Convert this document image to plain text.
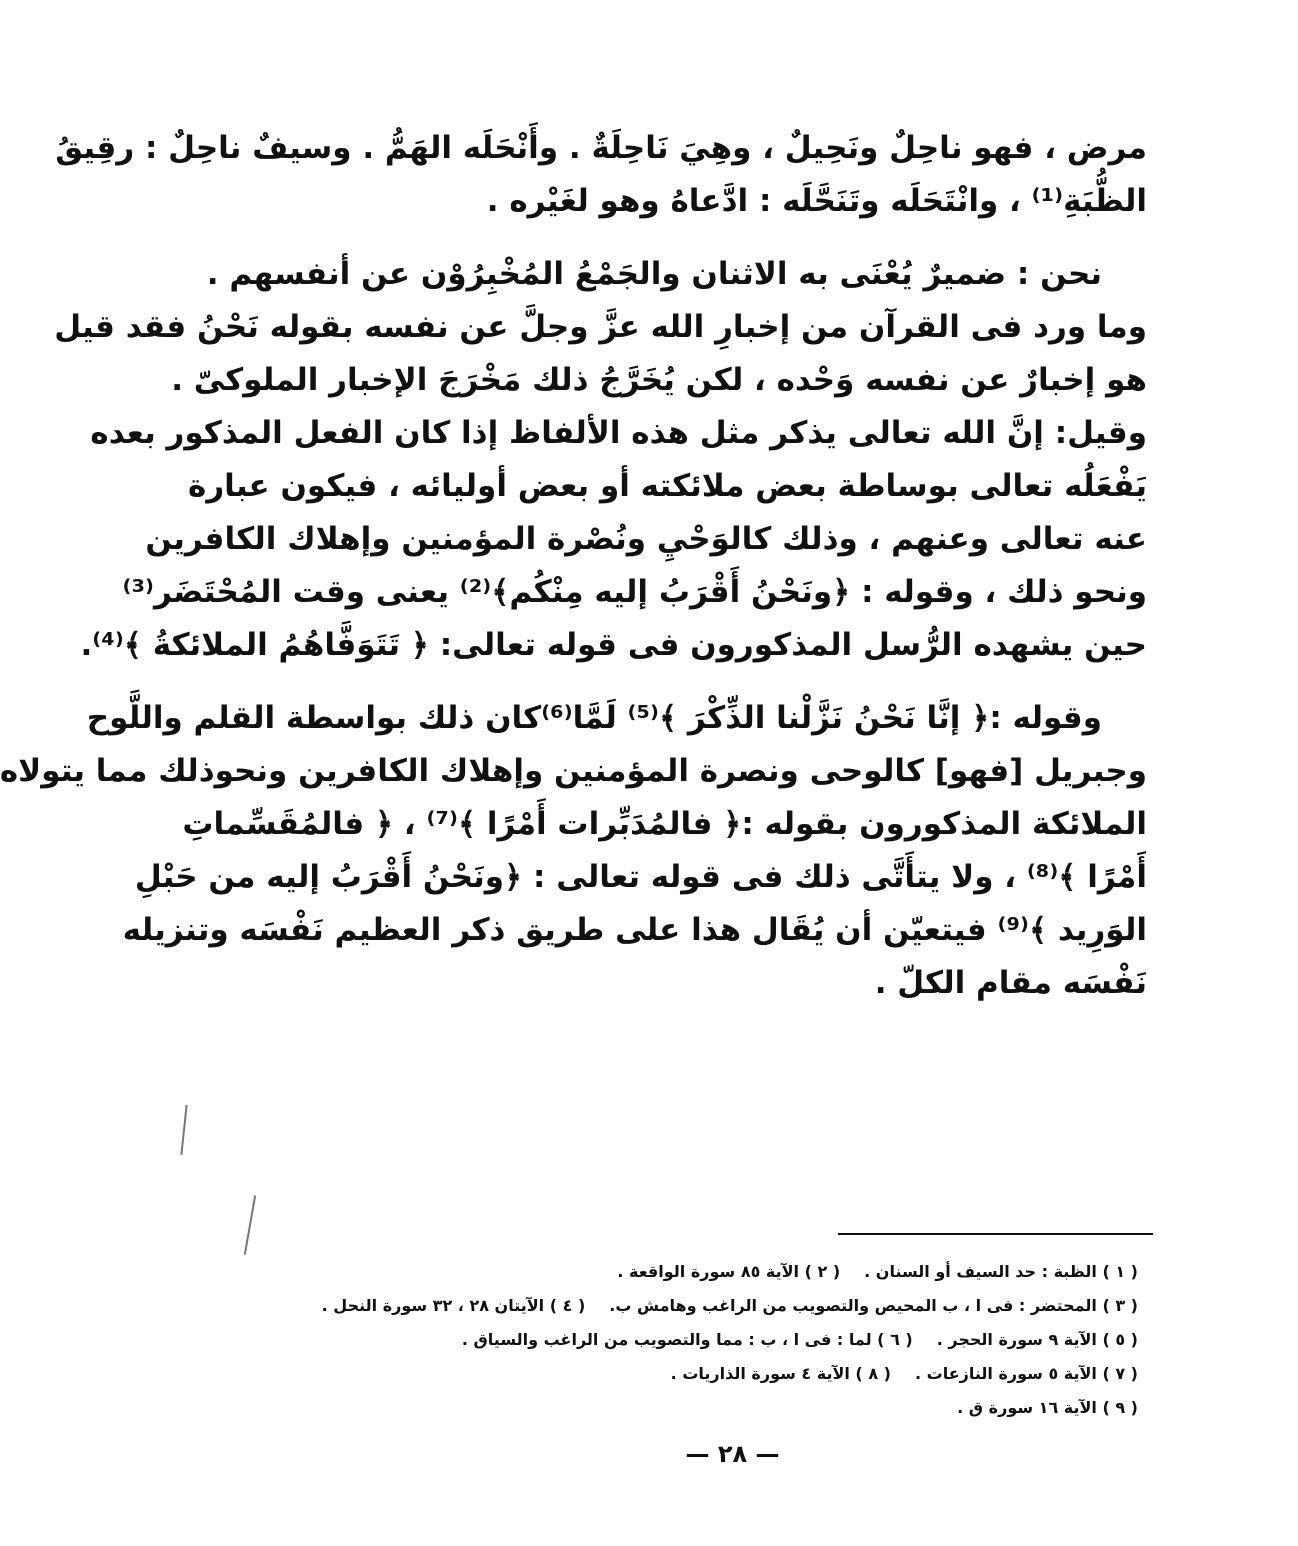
مرض ، فهو ناحِلٌ ونَحِيلٌ ، وهِيَ نَاحِلَةٌ . وأَنْحَلَه الهَمُّ . وسيفٌ ناحِلٌ : رقِيقُ
الظُّبَةِ⁽¹⁾ ، وانْتَحَلَه وتَنَحَّلَه : ادَّعاهُ وهو لغَيْره .
نحن : ضميرٌ يُعْنَى به الاثنان والجَمْعُ المُخْبِرُوْن عن أنفسهم .
وما ورد فى القرآن من إخبارِ الله عزَّ وجلَّ عن نفسه بقوله نَحْنُ فقد قيل
هو إخبارٌ عن نفسه وَحْده ، لكن يُخَرَّجُ ذلك مَخْرَجَ الإخبار الملوكىّ .
وقيل: إنَّ الله تعالى يذكر مثل هذه الألفاظ إذا كان الفعل المذكور بعده
يَفْعَلُه تعالى بوساطة بعض ملائكته أو بعض أوليائه ، فيكون عبارة
عنه تعالى وعنهم ، وذلك كالوَحْيِ ونُصْرة المؤمنين وإهلاك الكافرين
ونحو ذلك ، وقوله : ﴿ونَحْنُ أَقْرَبُ إليه مِنْكُم﴾⁽²⁾ يعنى وقت المُحْتَضَر⁽³⁾
حين يشهده الرُّسل المذكورون فى قوله تعالى: ﴿ تَتَوَفَّاهُمُ الملائكةُ ﴾⁽⁴⁾.
وقوله :﴿ إنَّا نَحْنُ نَزَّلْنا الذِّكْرَ ﴾⁽⁵⁾ لَمَّا⁽⁶⁾كان ذلك بواسطة القلم واللَّوح
وجبريل [فهو] كالوحى ونصرة المؤمنين وإهلاك الكافرين ونحوذلك مما يتولاه
الملائكة المذكورون بقوله :﴿ فالمُدَبِّرات أَمْرًا ﴾⁽⁷⁾ ، ﴿ فالمُقَسِّماتِ
أَمْرًا ﴾⁽⁸⁾ ، ولا يتأَتَّى ذلك فى قوله تعالى : ﴿ونَحْنُ أَقْرَبُ إليه من حَبْلِ
الوَرِيد ﴾⁽⁹⁾ فيتعيّن أن يُقَال هذا على طريق ذكر العظيم نَفْسَه وتنزيله
نَفْسَه مقام الكلّ .
( ١ ) الظبة : حد السيف أو السنان .
( ٢ ) الآية ٨٥ سورة الواقعة .
( ٣ ) المحتضر : فى ا ، ب المحيص والتصويب من الراغب وهامش ب.
( ٤ ) الآيتان ٢٨ ، ٣٢ سورة النحل .
( ٥ ) الآية ٩ سورة الحجر .
( ٦ ) لما : فى ا ، ب : مما والتصويب من الراغب والسياق .
( ٧ ) الآية ٥ سورة النازعات .
( ٨ ) الآية ٤ سورة الذاريات .
( ٩ ) الآية ١٦ سورة ق .
— ٢٨ —
